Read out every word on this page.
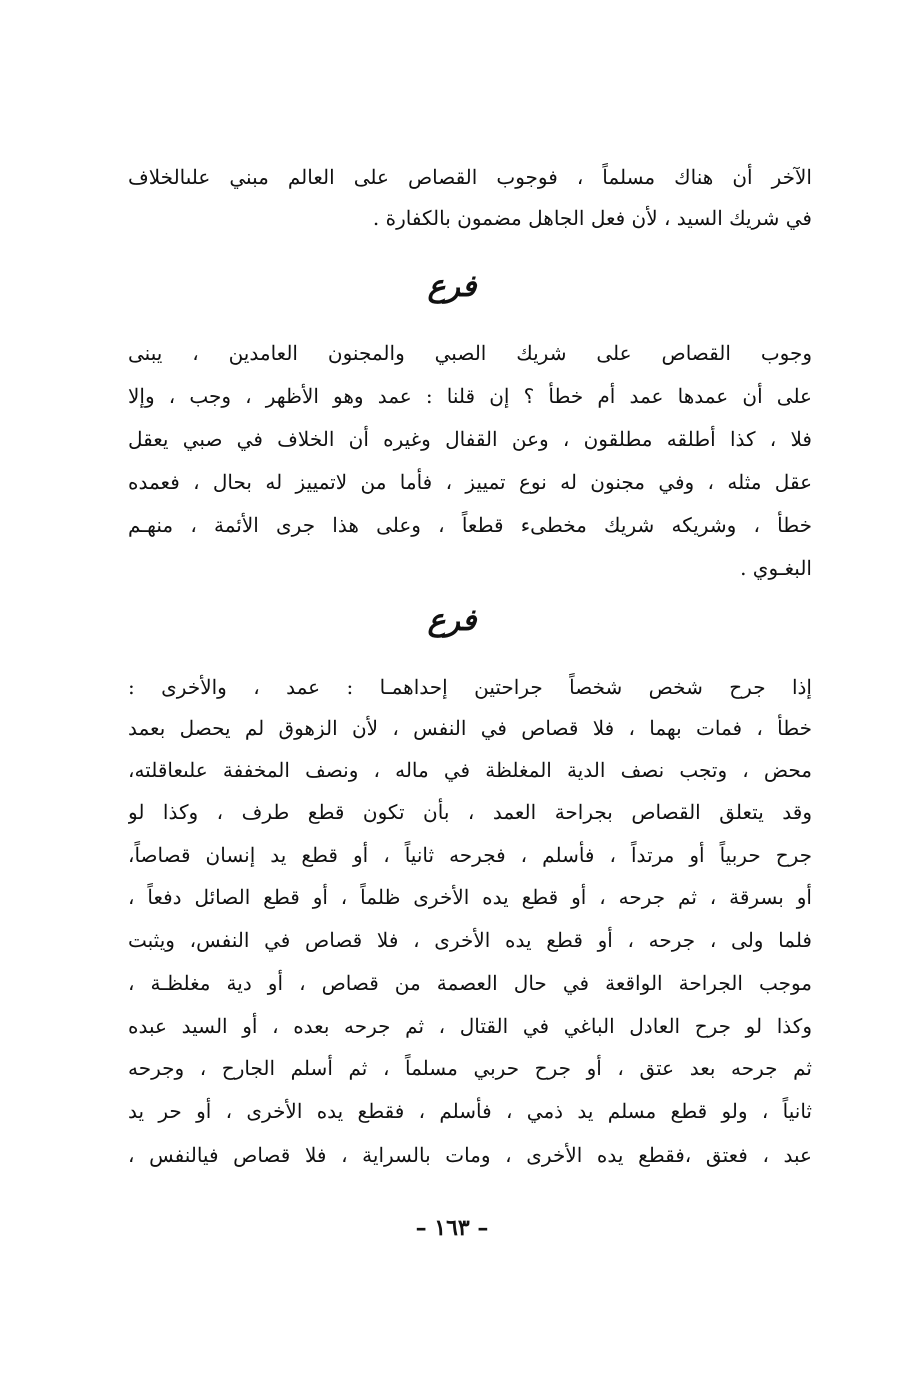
الآخر أن هناك مسلماً ، فوجوب القصاص على العالم مبني علىالخلاف
في شريك السيد ، لأن فعل الجاهل مضمون بالكفارة .
فرع
وجوب القصاص على شريك الصبي والمجنون العامدين ، يبنى
على أن عمدها عمد أم خطأ ؟ إن قلنا : عمد وهو الأظهر ، وجب ، وإلا
فلا ، كذا أطلقه مطلقون ، وعن القفال وغيره أن الخلاف في صبي يعقل
عقل مثله ، وفي مجنون له نوع تمييز ، فأما من لاتمييز له بحال ، فعمده
خطأ ، وشريكه شريك مخطىء قطعاً ، وعلى هذا جرى الأئمة ، منهـم
البغـوي .
فرع
إذا جرح شخص شخصاً جراحتين إحداهمـا : عمد ، والأخرى :
خطأ ، فمات بهما ، فلا قصاص في النفس ، لأن الزهوق لم يحصل بعمد
محض ، وتجب نصف الدية المغلظة في ماله ، ونصف المخففة علىعاقلته،
وقد يتعلق القصاص بجراحة العمد ، بأن تكون قطع طرف ، وكذا لو
جرح حربياً أو مرتداً ، فأسلم ، فجرحه ثانياً ، أو قطع يد إنسان قصاصاً،
أو بسرقة ، ثم جرحه ، أو قطع يده الأخرى ظلماً ، أو قطع الصائل دفعاً ،
فلما ولى ، جرحه ، أو قطع يده الأخرى ، فلا قصاص في النفس، ويثبت
موجب الجراحة الواقعة في حال العصمة من قصاص ، أو دية مغلظـة ،
وكذا لو جرح العادل الباغي في القتال ، ثم جرحه بعده ، أو السيد عبده
ثم جرحه بعد عتق ، أو جرح حربي مسلماً ، ثم أسلم الجارح ، وجرحه
ثانياً ، ولو قطع مسلم يد ذمي ، فأسلم ، فقطع يده الأخرى ، أو حر يد
عبد ، فعتق ،فقطع يده الأخرى ، ومات بالسراية ، فلا قصاص فيالنفس ،
– ١٦٣ –
